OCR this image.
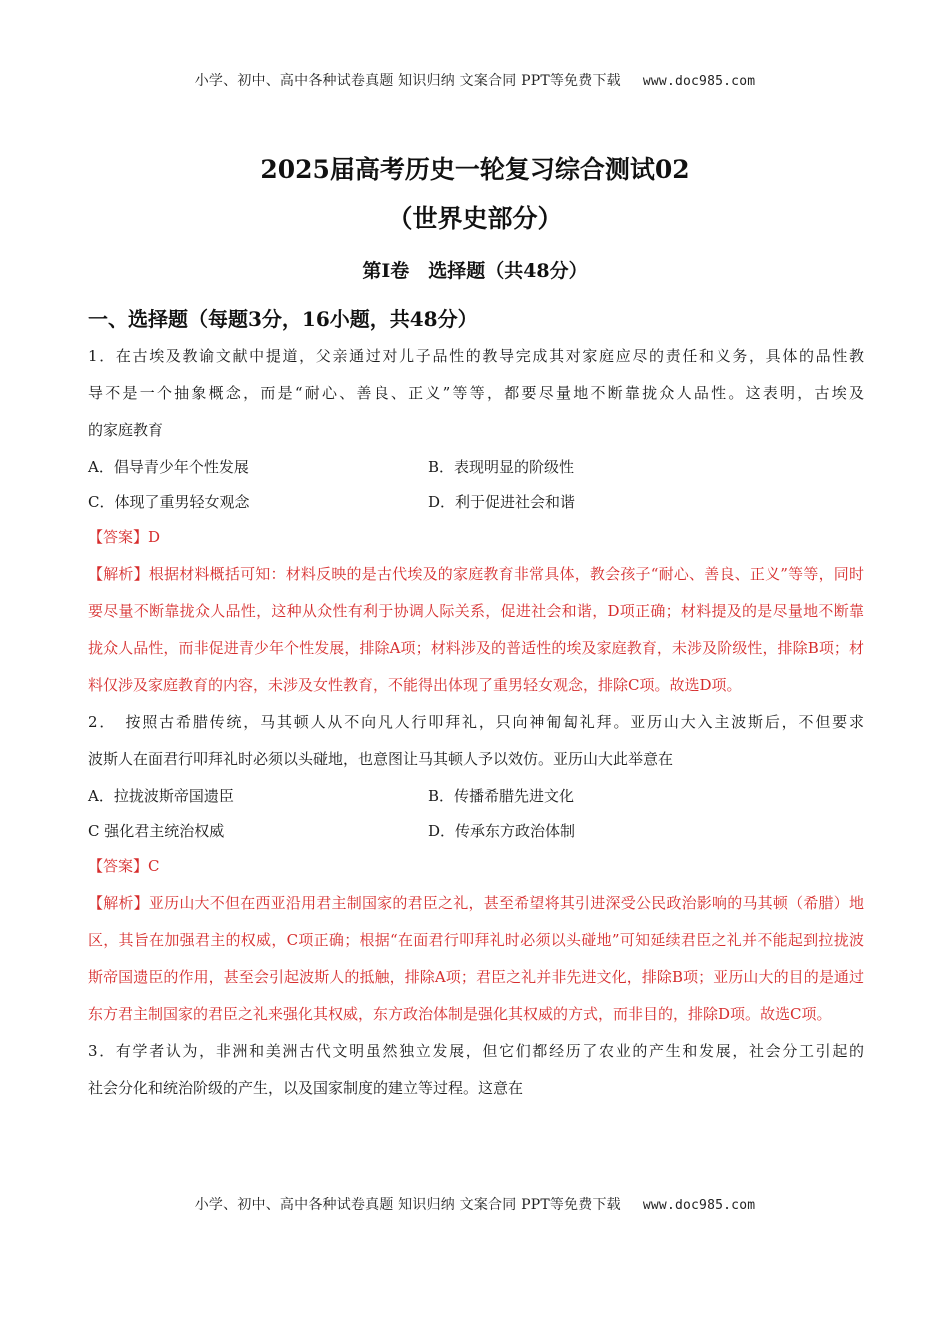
小学、初中、高中各种试卷真题 知识归纳 文案合同 PPT等免费下载 www.doc985.com
2025届高考历史一轮复习综合测试02
（世界史部分）
第Ⅰ卷　选择题（共48分）
一、选择题（每题3分，16小题，共48分）
1．在古埃及教谕文献中提道，父亲通过对儿子品性的教导完成其对家庭应尽的责任和义务，具体的品性教
导不是一个抽象概念，而是“耐心、善良、正义”等等，都要尽量地不断靠拢众人品性。这表明，古埃及
的家庭教育
A．倡导青少年个性发展	B．表现明显的阶级性
C．体现了重男轻女观念	D．利于促进社会和谐
【答案】D

【解析】根据材料概括可知：材料反映的是古代埃及的家庭教育非常具体，教会孩子“耐心、善良、正义”等等，同时要尽量不断靠拢众人品性，这种从众性有利于协调人际关系，促进社会和谐，D项正确；材料提及的是尽量地不断靠拢众人品性，而非促进青少年个性发展，排除A项；材料涉及的普适性的埃及家庭教育，未涉及阶级性，排除B项；材料仅涉及家庭教育的内容，未涉及女性教育，不能得出体现了重男轻女观念，排除C项。故选D项。

2．　按照古希腊传统，马其顿人从不向凡人行叩拜礼，只向神匍匐礼拜。亚历山大入主波斯后，不但要求
波斯人在面君行叩拜礼时必须以头碰地，也意图让马其顿人予以效仿。亚历山大此举意在
A．拉拢波斯帝国遗臣	B．传播希腊先进文化
C 强化君主统治权威	D．传承东方政治体制
【答案】C

【解析】亚历山大不但在西亚沿用君主制国家的君臣之礼，甚至希望将其引进深受公民政治影响的马其顿（希腊）地区，其旨在加强君主的权威，C项正确；根据“在面君行叩拜礼时必须以头碰地”可知延续君臣之礼并不能起到拉拢波斯帝国遗臣的作用，甚至会引起波斯人的抵触，排除A项；君臣之礼并非先进文化，排除B项；亚历山大的目的是通过东方君主制国家的君臣之礼来强化其权威，东方政治体制是强化其权威的方式，而非目的，排除D项。故选C项。

3．有学者认为，非洲和美洲古代文明虽然独立发展，但它们都经历了农业的产生和发展，社会分工引起的
社会分化和统治阶级的产生，以及国家制度的建立等过程。这意在
小学、初中、高中各种试卷真题 知识归纳 文案合同 PPT等免费下载 www.doc985.com
